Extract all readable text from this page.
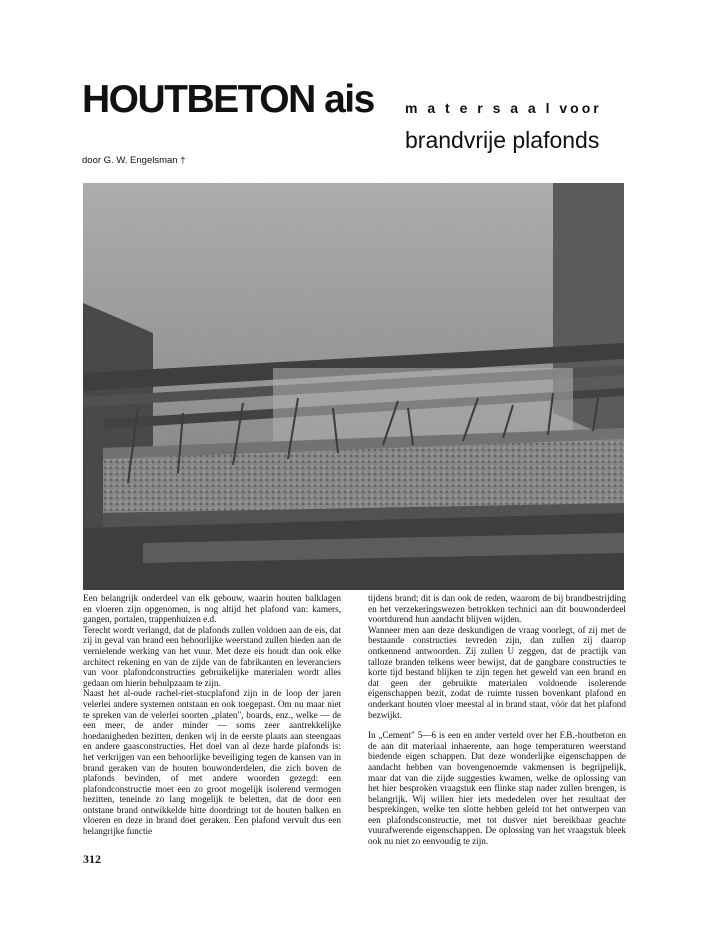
HOUTBETON ais m a t e r s a a l voor
brandvrije plafonds
door G. W. Engelsman †

Een belangrijk onderdeel van elk gebouw, waarin houten balklagen en vloeren zijn opgenomen, is nog altijd het plafond van: kamers, gangen, portalen, trappenhuizen e.d.

Terecht wordt verlangd, dat de plafonds zullen voldoen aan de eis, dat zij in geval van brand een behoorlijke weerstand zullen bieden aan de vernielende werking van het vuur. Met deze eis houdt dan ook elke architect rekening en van de zijde van de fabrikanten en leveranciers van voor plafondconstructies gebruikelijke materialen wordt alles gedaan om hierin behulpzaam te zijn.

Naast het al-oude rachel-riet-stucplafond zijn in de loop der jaren velerlei andere systemen ontstaan en ook toegepast. Om nu maar niet te spreken van de velerlei soorten „platen", boards, enz., welke — de een meer, de ander minder — soms zeer aantrekkelijke hoedanigheden bezitten, denken wij in de eerste plaats aan steengaas en andere gaasconstructies. Het doel van al deze harde plafonds is: het verkrijgen van een behoorlijke beveiliging tegen de kansen van in brand geraken van de houten bouwonderdelen, die zich boven de plafonds bevinden, of met andere woorden gezegd: een plafondconstructie moet een zo groot mogelijk isolerend vermogen bezitten, teneinde zo lang mogelijk te beletten, dat de door een ontstane brand ontwikkelde hitte doordringt tot de houten balken en vloeren en deze in brand doet geraken. Een plafond vervult dus een belangrijke functie

tijdens brand; dit is dan ook de reden, waarom de bij brandbestrijding en het verzekeringswezen betrokken technici aan dit bouwonderdeel voortdurend hun aandacht blijven wijden.

Wanneer men aan deze deskundigen de vraag voorlegt, of zij met de bestaande constructies tevreden zijn, dan zullen zij daarop ontkennend antwoorden. Zij zullen U zeggen, dat de practijk van talloze branden telkens weer bewijst, dat de gangbare constructies te korte tijd bestand blijken te zijn tegen het geweld van een brand en dat geen der gebruikte materialen voldoende isolerende eigenschappen bezit, zodat de ruimte tussen bovenkant plafond en onderkant houten vloer meestal al in brand staat, vóór dat het plafond bezwijkt.

In „Cement" 5—6 is een en ander verteld over het F.B.-houtbeton en de aan dit materiaal inhaerente, aan hoge temperaturen weerstand biedende eigen schappen. Dat deze wonderlijke eigenschappen de aandacht hebben van bovengenoemde vakmensen is begrijpelijk, maar dat van die zijde suggesties kwamen, welke de oplossing van het hier besproken vraagstuk een flinke stap nader zullen brengen, is belangrijk. Wij willen hier iets mededelen over het resultaat der besprekingen, welke ten slotte hebben geleid tot het ontwerpen van een plafondsconstructie, met tot dusver niet bereikbaar geachte vuurafwerende eigenschappen. De oplossing van het vraagstuk bleek ook nu niet zo eenvoudig te zijn.

312
